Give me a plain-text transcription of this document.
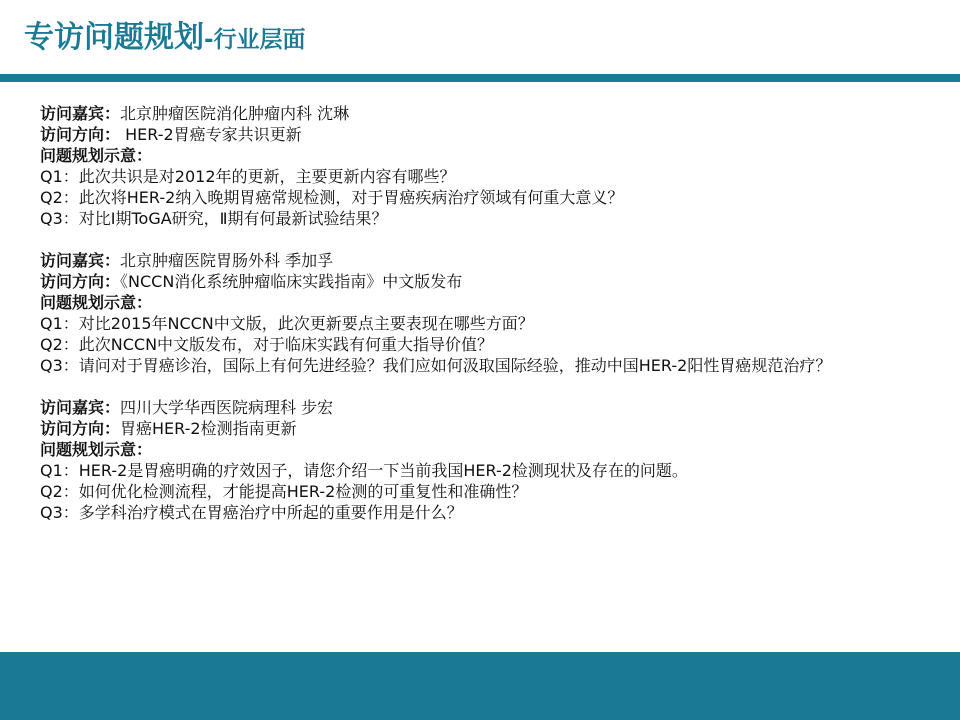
专访问题规划-行业层面
访问嘉宾：北京肿瘤医院消化肿瘤内科 沈琳
访问方向： HER-2胃癌专家共识更新
问题规划示意：
Q1：此次共识是对2012年的更新，主要更新内容有哪些？
Q2：此次将HER-2纳入晚期胃癌常规检测，对于胃癌疾病治疗领域有何重大意义？
Q3：对比Ⅰ期ToGA研究，Ⅱ期有何最新试验结果？
访问嘉宾：北京肿瘤医院胃肠外科 季加孚
访问方向：《NCCN消化系统肿瘤临床实践指南》中文版发布
问题规划示意：
Q1：对比2015年NCCN中文版，此次更新要点主要表现在哪些方面？
Q2：此次NCCN中文版发布，对于临床实践有何重大指导价值？
Q3：请问对于胃癌诊治，国际上有何先进经验？我们应如何汲取国际经验，推动中国HER-2阳性胃癌规范治疗？
访问嘉宾：四川大学华西医院病理科 步宏
访问方向：胃癌HER-2检测指南更新
问题规划示意：
Q1：HER-2是胃癌明确的疗效因子，请您介绍一下当前我国HER-2检测现状及存在的问题。
Q2：如何优化检测流程，才能提高HER-2检测的可重复性和准确性？
Q3：多学科治疗模式在胃癌治疗中所起的重要作用是什么？
